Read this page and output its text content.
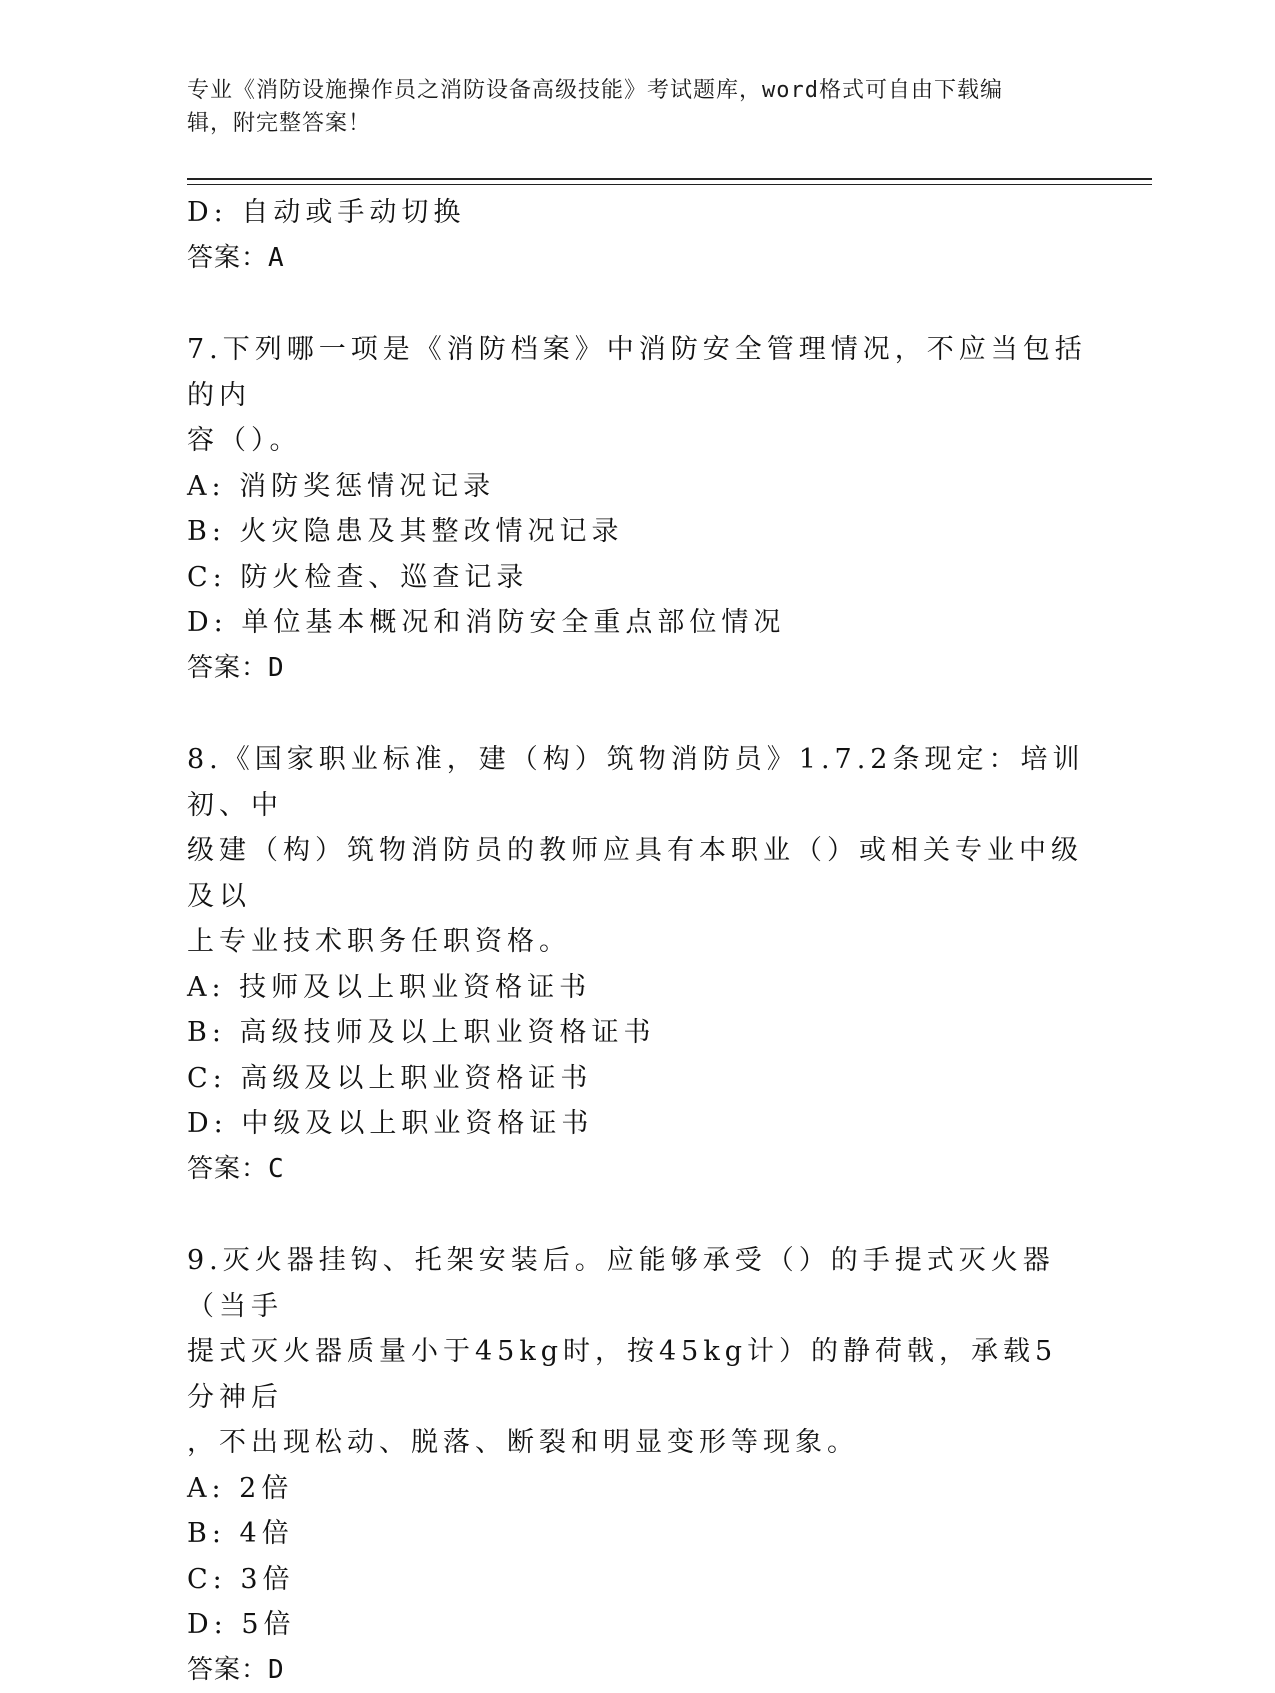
专业《消防设施操作员之消防设备高级技能》考试题库，word格式可自由下载编
辑，附完整答案！
D: 自动或手动切换
答案：A
7.下列哪一项是《消防档案》中消防安全管理情况，不应当包括的内
容（）。
A: 消防奖惩情况记录
B: 火灾隐患及其整改情况记录
C: 防火检查、巡查记录
D: 单位基本概况和消防安全重点部位情况
答案：D
8.《国家职业标准，建（构）筑物消防员》1.7.2条现定：培训初、中
级建（构）筑物消防员的教师应具有本职业（）或相关专业中级及以
上专业技术职务任职资格。
A: 技师及以上职业资格证书
B: 高级技师及以上职业资格证书
C: 高级及以上职业资格证书
D: 中级及以上职业资格证书
答案：C
9.灭火器挂钩、托架安装后。应能够承受（）的手提式灭火器（当手
提式灭火器质量小于45kg时，按45kg计）的静荷戟，承载5分神后
，不出现松动、脱落、断裂和明显变形等现象。
A: 2倍
B: 4倍
C: 3倍
D: 5倍
答案：D
